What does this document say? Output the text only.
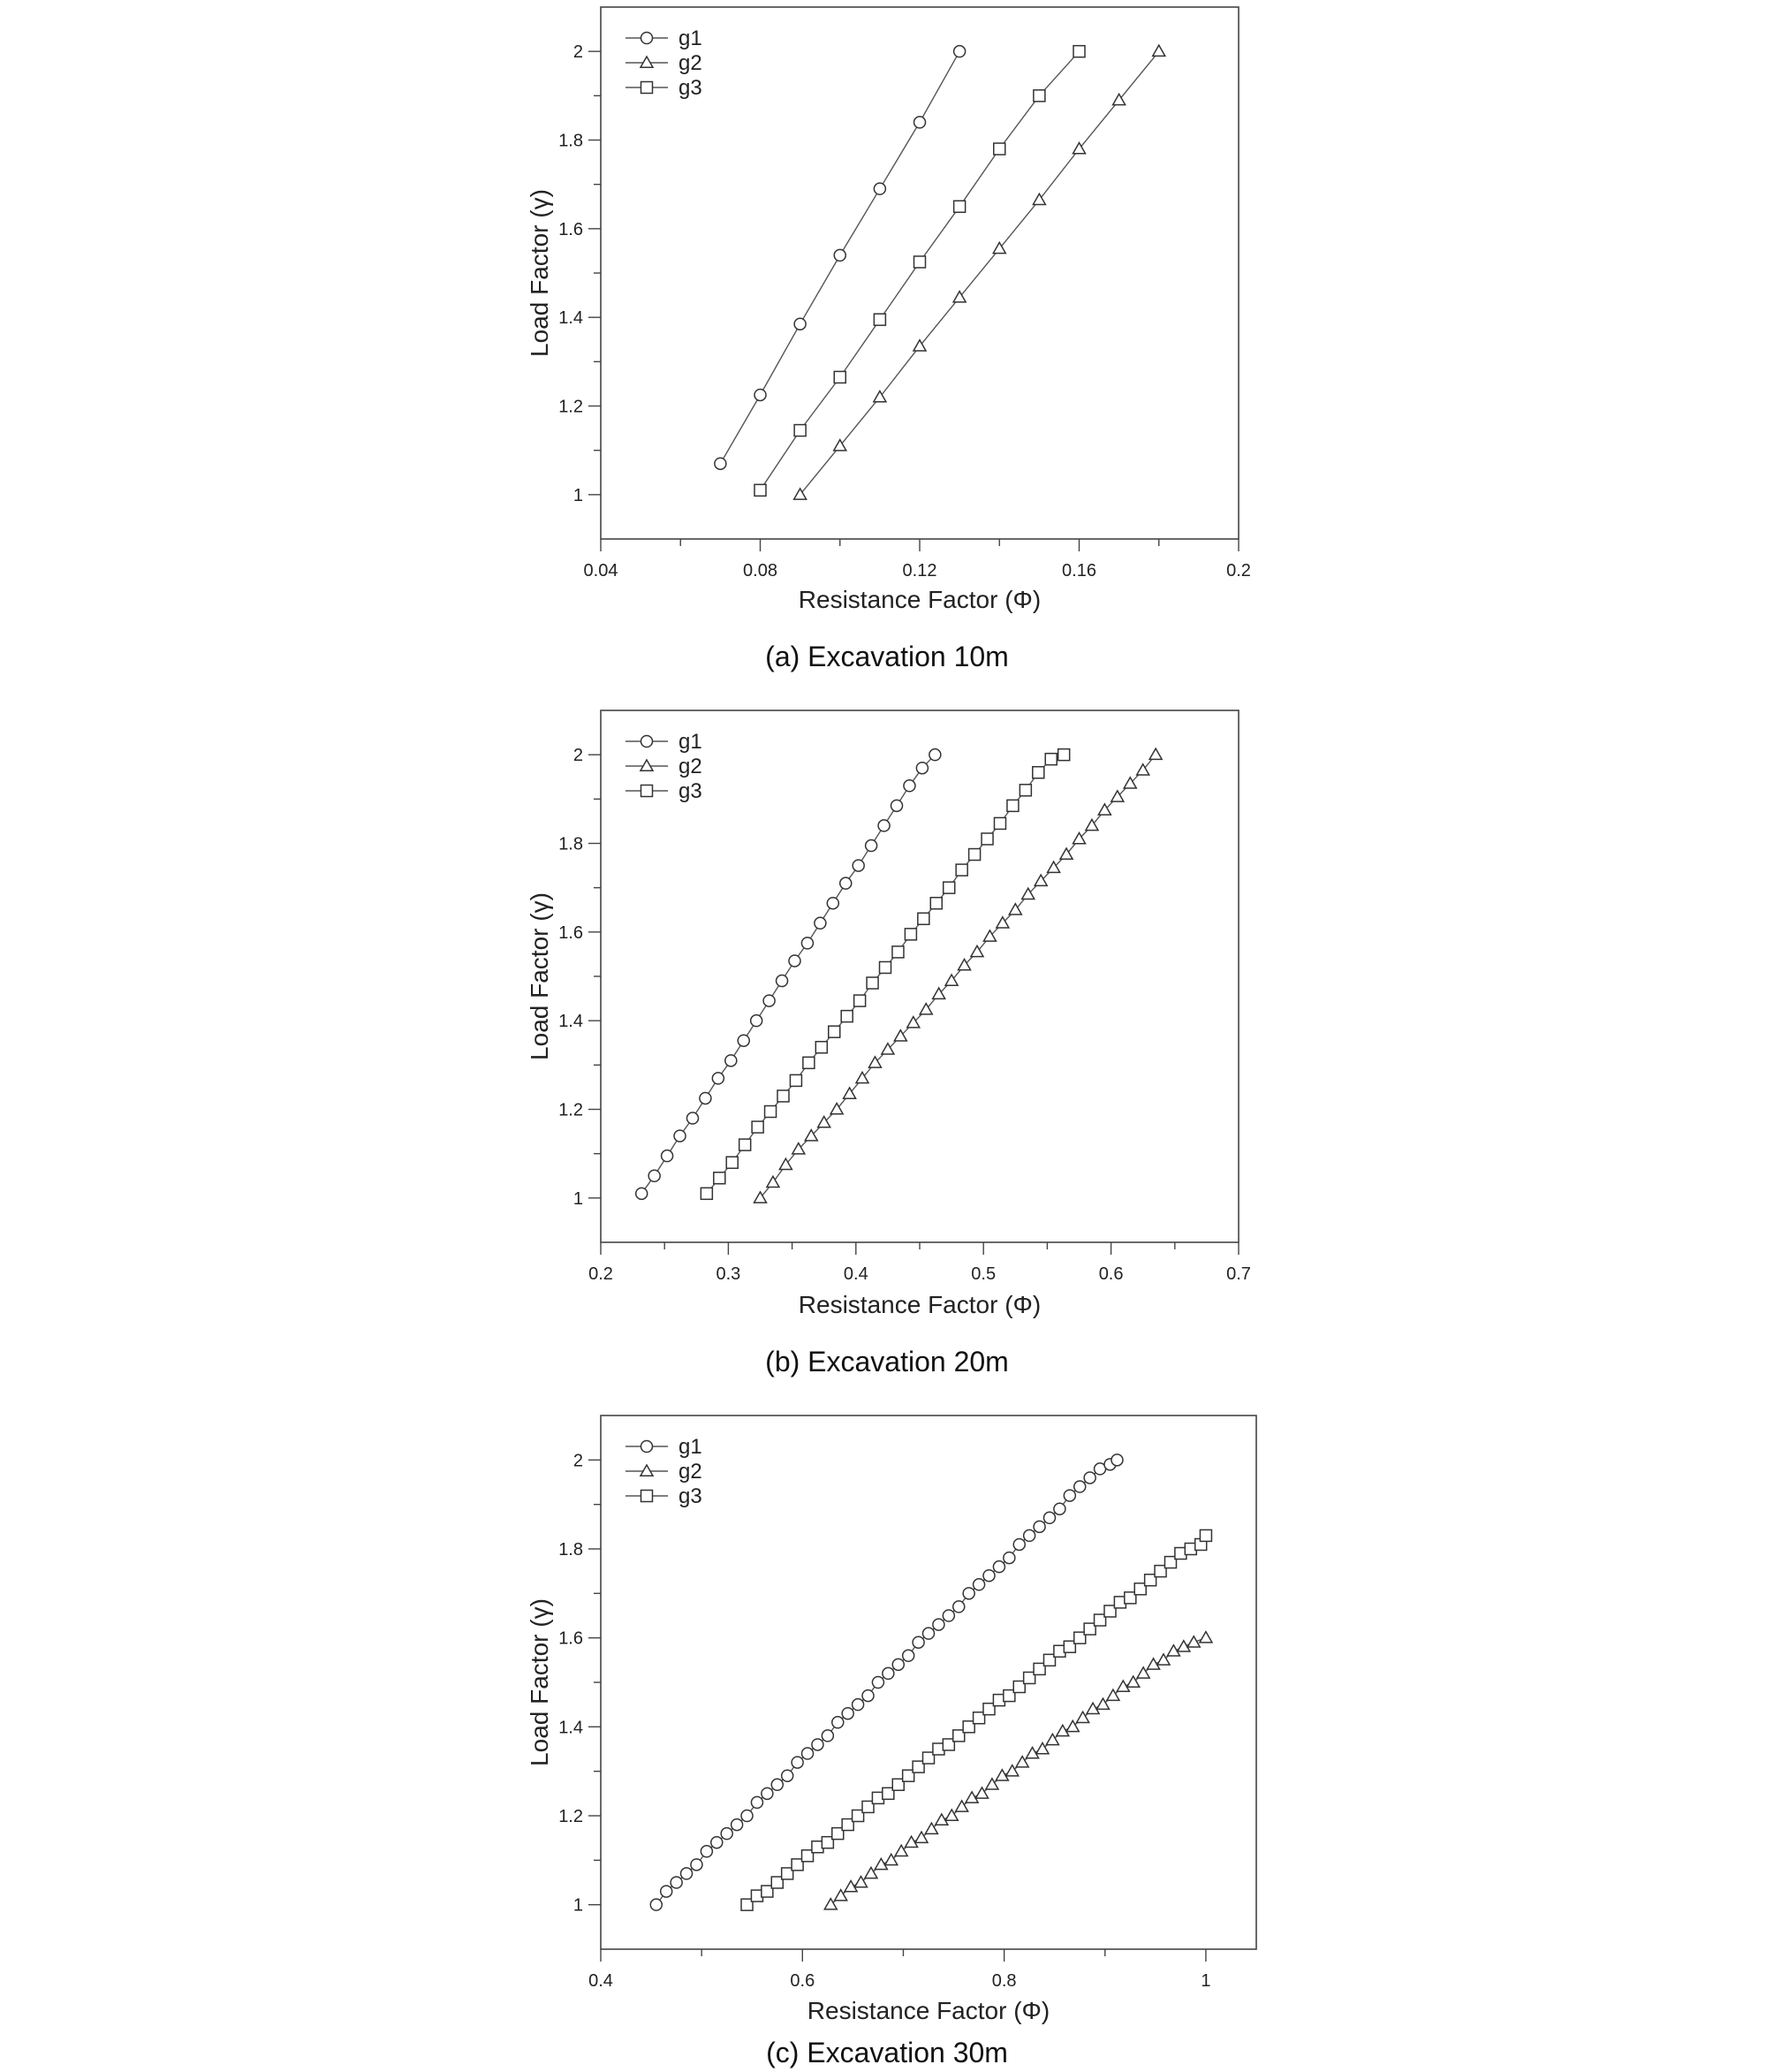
0.04	0.08	0.12	0.16	0.2
1
1.2
1.4
1.6
1.8
2
g1
g2
g3
Resistance Factor (Φ)
Load Factor (γ)
(a) Excavation 10m
0.2	0.3	0.4	0.5	0.6	0.7
1
1.2
1.4
1.6
1.8
2
g1
g2
g3
Resistance Factor (Φ)
Load Factor (γ)
(b) Excavation 20m
0.4	0.6	0.8	1
1
1.2
1.4
1.6
1.8
2
g1
g2
g3
Resistance Factor (Φ)
Load Factor (γ)
(c) Excavation 30m
